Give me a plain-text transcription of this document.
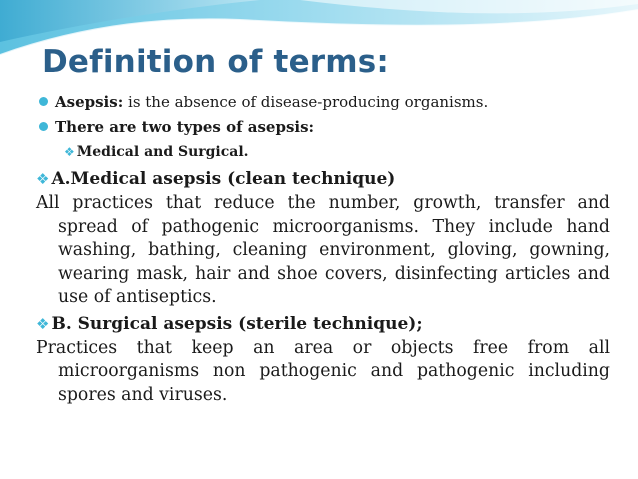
Definition of terms:
Asepsis: is the absence of disease-producing organisms.
There are two types of asepsis:
❖ Medical and Surgical.
❖ A.Medical asepsis (clean technique)

All practices that reduce the number, growth, transfer and spread of pathogenic microorganisms. They include hand washing, bathing, cleaning environment, gloving, gowning, wearing mask, hair and shoe covers, disinfecting articles and use of antiseptics.

❖ B. Surgical asepsis (sterile technique);

Practices that keep an area or objects free from all microorganisms non pathogenic and pathogenic including spores and viruses.
